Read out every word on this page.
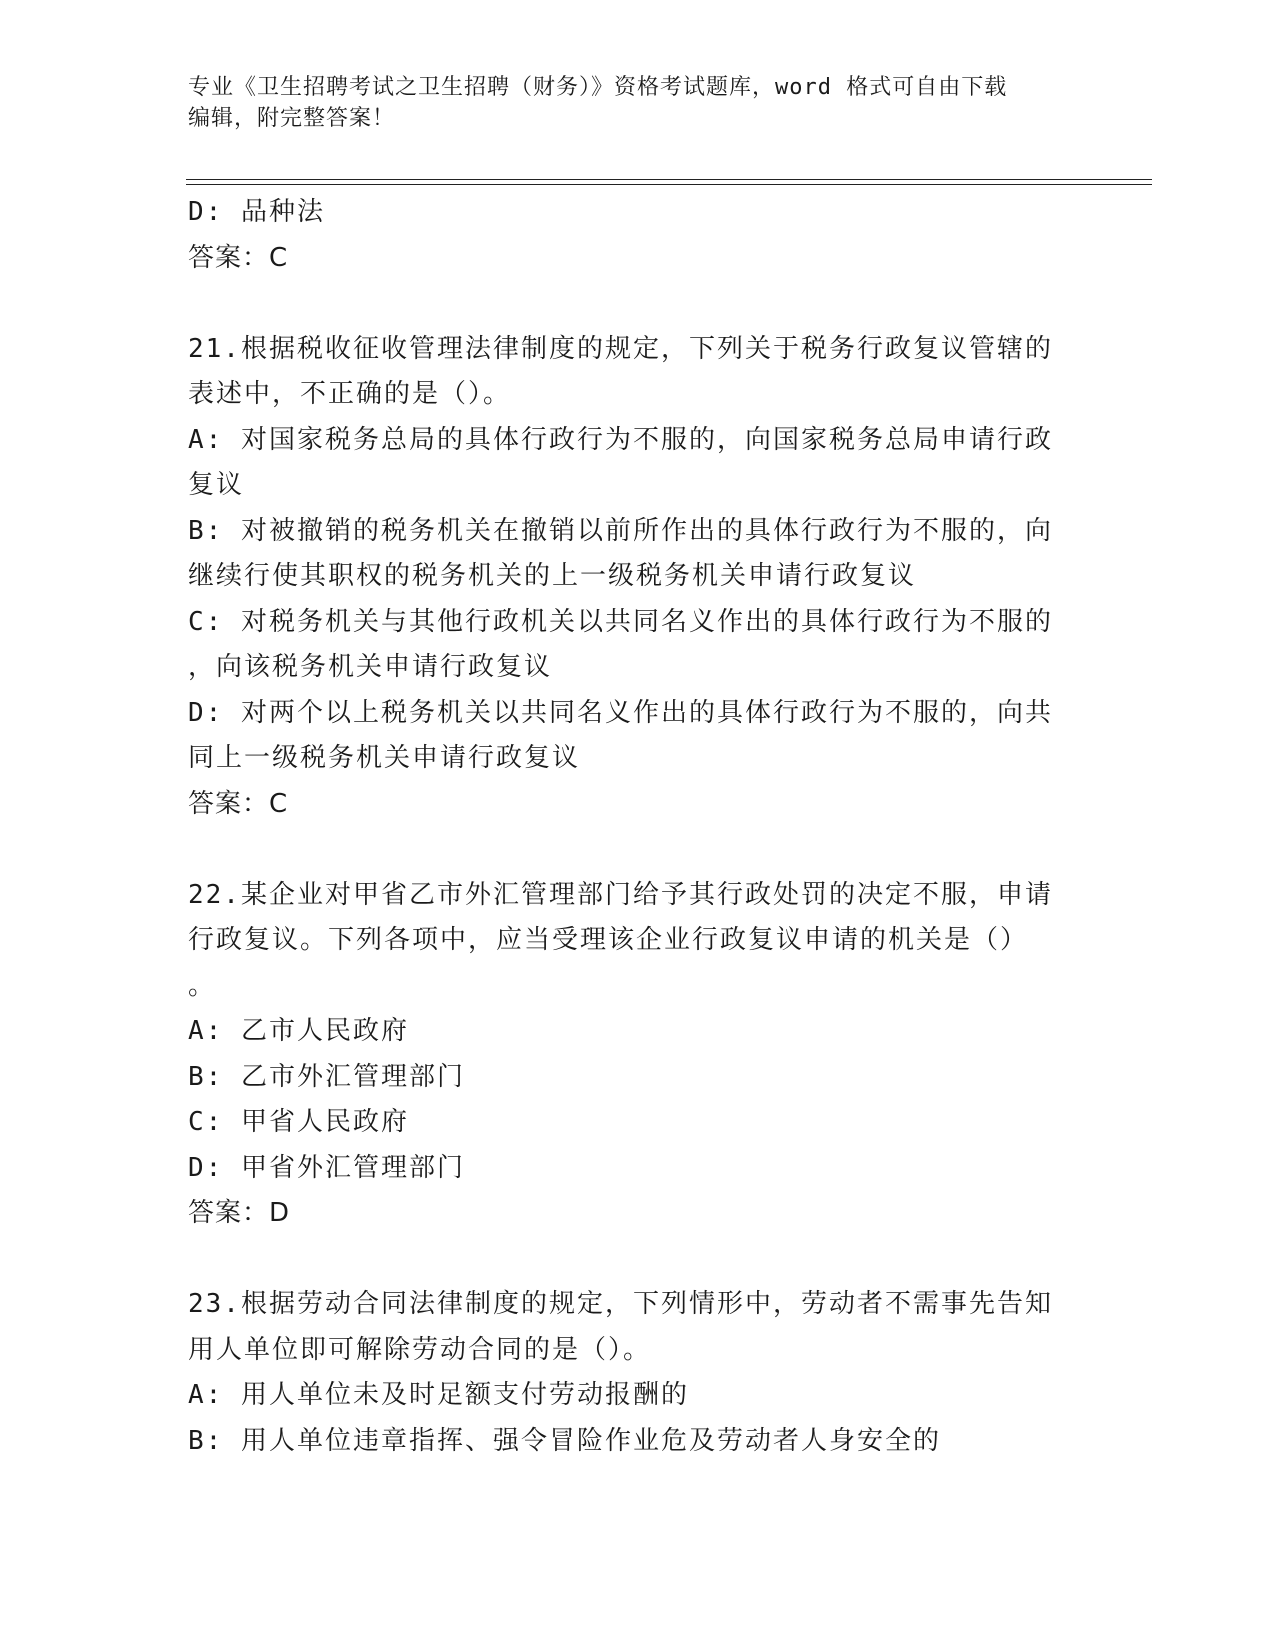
专业《卫生招聘考试之卫生招聘（财务）》资格考试题库，word 格式可自由下载
编辑，附完整答案！
D: 品种法
答案：C
21.根据税收征收管理法律制度的规定，下列关于税务行政复议管辖的
表述中，不正确的是（）。
A: 对国家税务总局的具体行政行为不服的，向国家税务总局申请行政
复议
B: 对被撤销的税务机关在撤销以前所作出的具体行政行为不服的，向
继续行使其职权的税务机关的上一级税务机关申请行政复议
C: 对税务机关与其他行政机关以共同名义作出的具体行政行为不服的
，向该税务机关申请行政复议
D: 对两个以上税务机关以共同名义作出的具体行政行为不服的，向共
同上一级税务机关申请行政复议
答案：C
22.某企业对甲省乙市外汇管理部门给予其行政处罚的决定不服，申请
行政复议。下列各项中，应当受理该企业行政复议申请的机关是（）
。
A: 乙市人民政府
B: 乙市外汇管理部门
C: 甲省人民政府
D: 甲省外汇管理部门
答案：D
23.根据劳动合同法律制度的规定，下列情形中，劳动者不需事先告知
用人单位即可解除劳动合同的是（）。
A: 用人单位未及时足额支付劳动报酬的
B: 用人单位违章指挥、强令冒险作业危及劳动者人身安全的
